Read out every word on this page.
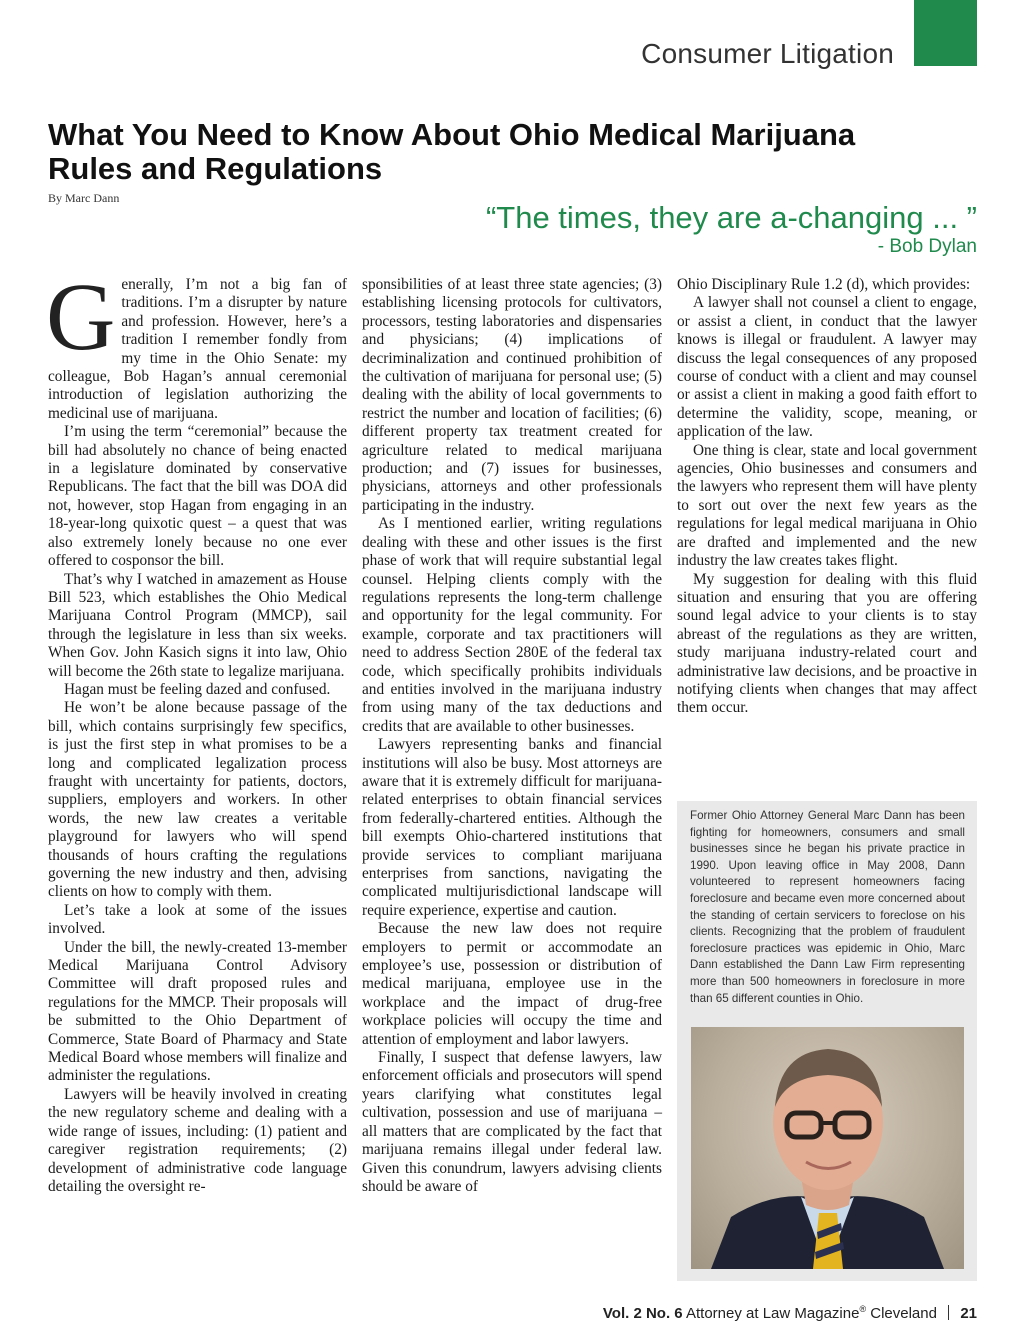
Consumer Litigation
What You Need to Know About Ohio Medical Marijuana Rules and Regulations
By Marc Dann
“The times, they are a-changing ... ”
- Bob Dylan

Generally, I’m not a big fan of traditions. I’m a disrupter by nature and profession. However, here’s a tradition I remember fondly from my time in the Ohio Senate: my colleague, Bob Hagan’s annual ceremonial introduction of legislation authorizing the medicinal use of marijuana.

I’m using the term “ceremonial” because the bill had absolutely no chance of being enacted in a legislature dominated by conservative Republicans. The fact that the bill was DOA did not, however, stop Hagan from engaging in an 18-year-long quixotic quest – a quest that was also extremely lonely because no one ever offered to cosponsor the bill.

That’s why I watched in amazement as House Bill 523, which establishes the Ohio Medical Marijuana Control Program (MMCP), sail through the legislature in less than six weeks. When Gov. John Kasich signs it into law, Ohio will become the 26th state to legalize marijuana.

Hagan must be feeling dazed and confused.

He won’t be alone because passage of the bill, which contains surprisingly few specifics, is just the first step in what promises to be a long and complicated legalization process fraught with uncertainty for patients, doctors, suppliers, employers and workers. In other words, the new law creates a veritable playground for lawyers who will spend thousands of hours crafting the regulations governing the new industry and then, advising clients on how to comply with them.

Let’s take a look at some of the issues involved.

Under the bill, the newly-created 13-member Medical Marijuana Control Advisory Committee will draft proposed rules and regulations for the MMCP. Their proposals will be submitted to the Ohio Department of Commerce, State Board of Pharmacy and State Medical Board whose members will finalize and administer the regulations.

Lawyers will be heavily involved in creating the new regulatory scheme and dealing with a wide range of issues, including: (1) patient and caregiver registration requirements; (2) development of administrative code language detailing the oversight re-

sponsibilities of at least three state agencies; (3) establishing licensing protocols for cultivators, processors, testing laboratories and dispensaries and physicians; (4) implications of decriminalization and continued prohibition of the cultivation of marijuana for personal use; (5) dealing with the ability of local governments to restrict the number and location of facilities; (6) different property tax treatment created for agriculture related to medical marijuana production; and (7) issues for businesses, physicians, attorneys and other professionals participating in the industry.

As I mentioned earlier, writing regulations dealing with these and other issues is the first phase of work that will require substantial legal counsel. Helping clients comply with the regulations represents the long-term challenge and opportunity for the legal community. For example, corporate and tax practitioners will need to address Section 280E of the federal tax code, which specifically prohibits individuals and entities involved in the marijuana industry from using many of the tax deductions and credits that are available to other businesses.

Lawyers representing banks and financial institutions will also be busy. Most attorneys are aware that it is extremely difficult for marijuana-related enterprises to obtain financial services from federally-chartered entities. Although the bill exempts Ohio-chartered institutions that provide services to compliant marijuana enterprises from sanctions, navigating the complicated multijurisdictional landscape will require experience, expertise and caution.

Because the new law does not require employers to permit or accommodate an employee’s use, possession or distribution of medical marijuana, employee use in the workplace and the impact of drug-free workplace policies will occupy the time and attention of employment and labor lawyers.

Finally, I suspect that defense lawyers, law enforcement officials and prosecutors will spend years clarifying what constitutes legal cultivation, possession and use of marijuana – all matters that are complicated by the fact that marijuana remains illegal under federal law. Given this conundrum, lawyers advising clients should be aware of

Ohio Disciplinary Rule 1.2 (d), which provides:

A lawyer shall not counsel a client to engage, or assist a client, in conduct that the lawyer knows is illegal or fraudulent. A lawyer may discuss the legal consequences of any proposed course of conduct with a client and may counsel or assist a client in making a good faith effort to determine the validity, scope, meaning, or application of the law.

One thing is clear, state and local government agencies, Ohio businesses and consumers and the lawyers who represent them will have plenty to sort out over the next few years as the regulations for legal medical marijuana in Ohio are drafted and implemented and the new industry the law creates takes flight.

My suggestion for dealing with this fluid situation and ensuring that you are offering sound legal advice to your clients is to stay abreast of the regulations as they are written, study marijuana industry-related court and administrative law decisions, and be proactive in notifying clients when changes that may affect them occur.

Former Ohio Attorney General Marc Dann has been fighting for homeowners, consumers and small businesses since he began his private practice in 1990. Upon leaving office in May 2008, Dann volunteered to represent homeowners facing foreclosure and became even more concerned about the standing of certain servicers to foreclose on his clients. Recognizing that the problem of fraudulent foreclosure practices was epidemic in Ohio, Marc Dann established the Dann Law Firm representing more than 500 homeowners in foreclosure in more than 65 different counties in Ohio.
Vol. 2 No. 6 Attorney at Law Magazine® Cleveland 21
